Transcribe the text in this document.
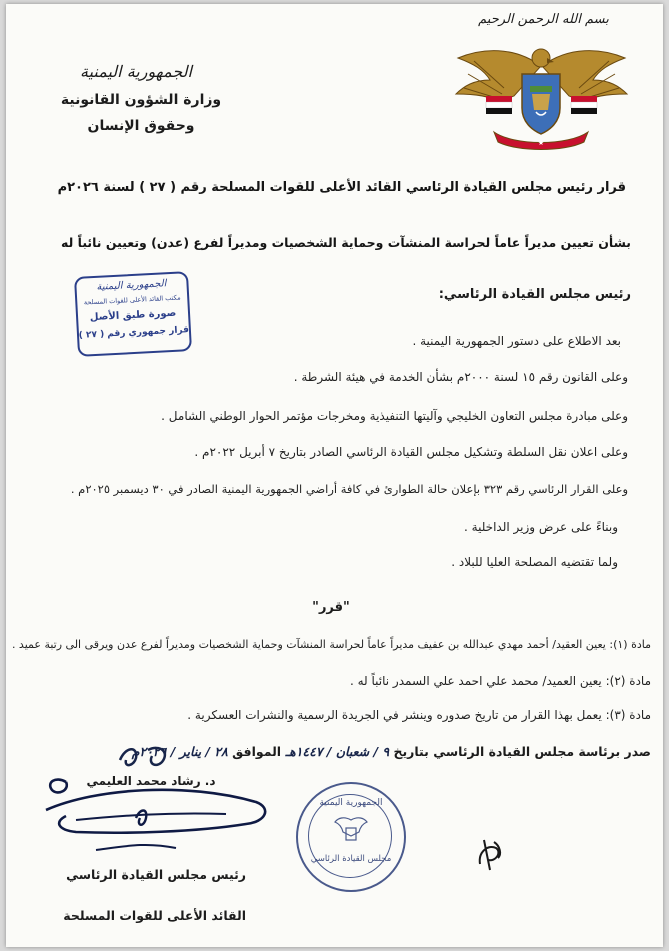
بسم الله الرحمن الرحيم
★
الجمهورية اليمنية
وزارة الشؤون القانونية
وحقوق الإنسان
قرار رئيس مجلس القيادة الرئاسي القائد الأعلى للقوات المسلحة رقم ( ٢٧ ) لسنة ٢٠٢٦م
بشأن تعيين مديراً عاماً لحراسة المنشآت وحماية الشخصيات ومديراً لفرع (عدن) وتعيين نائباً له
رئيس مجلس القيادة الرئاسي:
الجمهورية اليمنية
مكتب القائد الأعلى للقوات المسلحة
صورة طبق الأصل
قرار جمهوري رقم ( ٢٧ )
بعد الاطلاع على دستور الجمهورية اليمنية .
وعلى القانون رقم ١٥ لسنة ٢٠٠٠م بشأن الخدمة في هيئة الشرطة .
وعلى مبادرة مجلس التعاون الخليجي وآليتها التنفيذية ومخرجات مؤتمر الحوار الوطني الشامل .
وعلى اعلان نقل السلطة وتشكيل مجلس القيادة الرئاسي الصادر بتاريخ ٧ أبريل ٢٠٢٢م .
وعلى القرار الرئاسي رقم ٣٢٣ بإعلان حالة الطوارئ في كافة أراضي الجمهورية اليمنية الصادر في ٣٠ ديسمبر ٢٠٢٥م .
وبناءً على عرض وزير الداخلية .
ولما تقتضيه المصلحة العليا للبلاد .
"قرر"
مادة (١): يعين العقيد/ أحمد مهدي عبدالله بن عفيف مديراً عاماً لحراسة المنشآت وحماية الشخصيات ومديراً لفرع عدن ويرقى الى رتبة عميد .
مادة (٢): يعين العميد/ محمد علي احمد علي السمدر نائباً له .
مادة (٣): يعمل بهذا القرار من تاريخ صدوره وينشر في الجريدة الرسمية والنشرات العسكرية .
صدر برئاسة مجلس القيادة الرئاسي بتاريخ ٩ / شعبان / ١٤٤٧هـ الموافق ٢٨ / يناير / ٢٠٢٦م
د. رشاد محمد العليمي
رئيس مجلس القيادة الرئاسي
القائد الأعلى للقوات المسلحة
الجمهورية اليمنية
مجلس القيادة الرئاسي
